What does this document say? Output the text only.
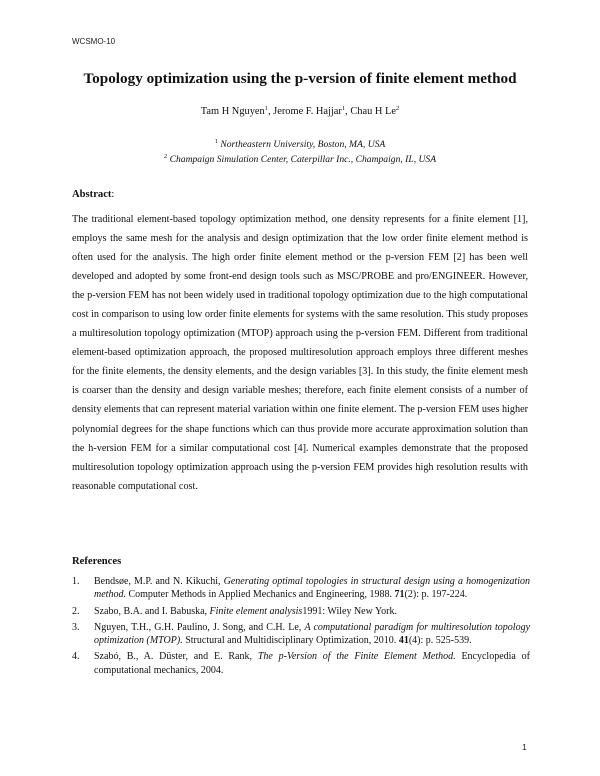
WCSMO-10
Topology optimization using the p-version of finite element method
Tam H Nguyen$^1$, Jerome F. Hajjar$^1$, Chau H Le$^2$
$^1$ Northeastern University, Boston, MA, USA
$^2$ Champaign Simulation Center, Caterpillar Inc., Champaign, IL, USA
Abstract:
The traditional element-based topology optimization method, one density represents for a finite element [1], employs the same mesh for the analysis and design optimization that the low order finite element method is often used for the analysis. The high order finite element method or the p-version FEM [2] has been well developed and adopted by some front-end design tools such as MSC/PROBE and pro/ENGINEER. However, the p-version FEM has not been widely used in traditional topology optimization due to the high computational cost in comparison to using low order finite elements for systems with the same resolution. This study proposes a multiresolution topology optimization (MTOP) approach using the p-version FEM. Different from traditional element-based optimization approach, the proposed multiresolution approach employs three different meshes for the finite elements, the density elements, and the design variables [3]. In this study, the finite element mesh is coarser than the density and design variable meshes; therefore, each finite element consists of a number of density elements that can represent material variation within one finite element. The p-version FEM uses higher polynomial degrees for the shape functions which can thus provide more accurate approximation solution than the h-version FEM for a similar computational cost [4]. Numerical examples demonstrate that the proposed multiresolution topology optimization approach using the p-version FEM provides high resolution results with reasonable computational cost.
References
1. Bendsøe, M.P. and N. Kikuchi, Generating optimal topologies in structural design using a homogenization method. Computer Methods in Applied Mechanics and Engineering, 1988. 71(2): p. 197-224.
2. Szabo, B.A. and I. Babuska, Finite element analysis1991: Wiley New York.
3. Nguyen, T.H., G.H. Paulino, J. Song, and C.H. Le, A computational paradigm for multiresolution topology optimization (MTOP). Structural and Multidisciplinary Optimization, 2010. 41(4): p. 525-539.
4. Szabó, B., A. Düster, and E. Rank, The p-Version of the Finite Element Method. Encyclopedia of computational mechanics, 2004.
1
